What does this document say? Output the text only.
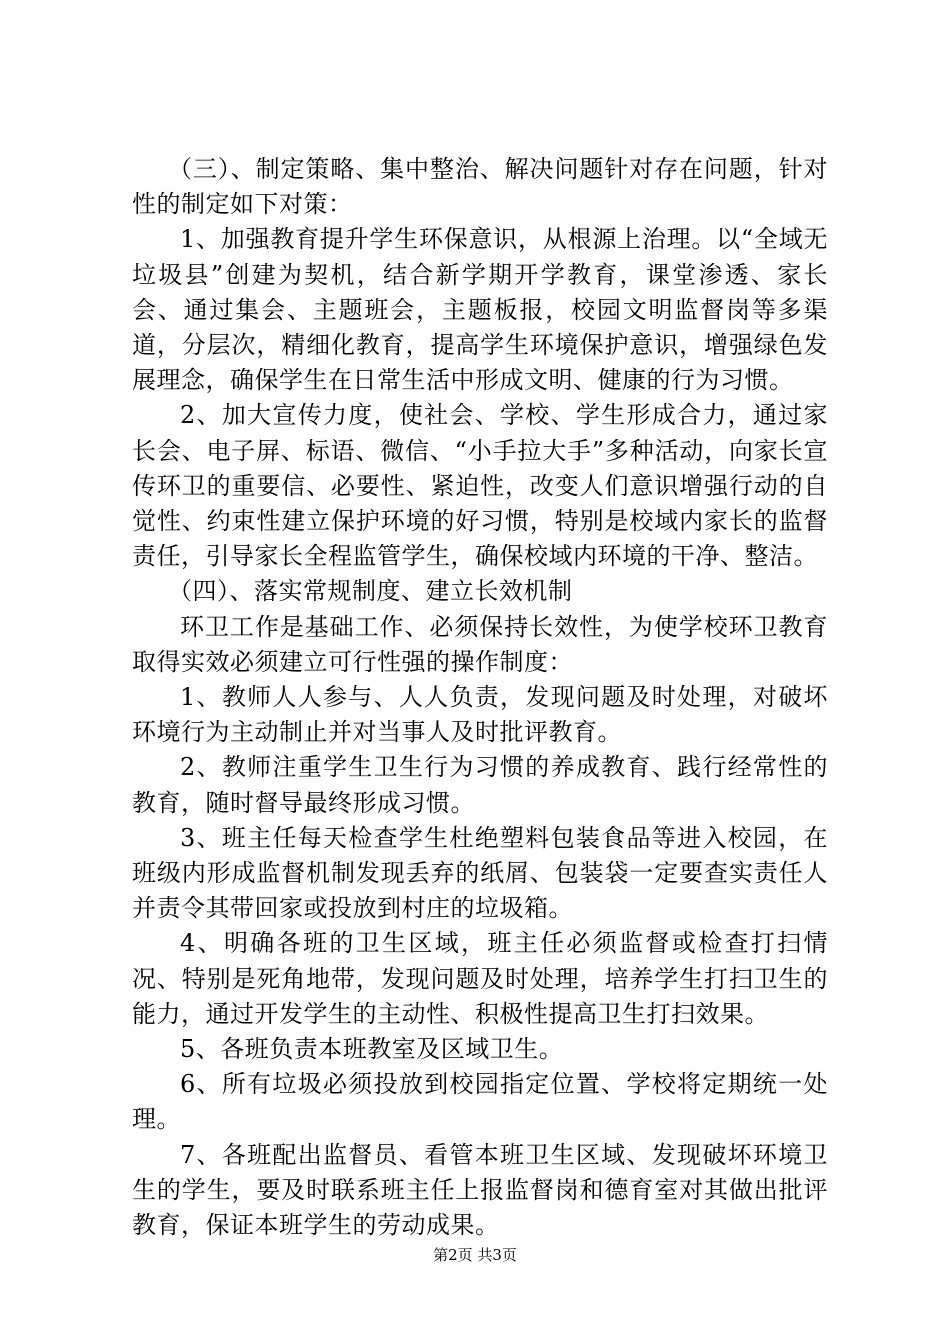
（三）、制定策略、集中整治、解决问题针对存在问题，针对性的制定如下对策：

1、加强教育提升学生环保意识，从根源上治理。以“全域无垃圾县”创建为契机，结合新学期开学教育，课堂渗透、家长会、通过集会、主题班会，主题板报，校园文明监督岗等多渠道，分层次，精细化教育，提高学生环境保护意识，增强绿色发展理念，确保学生在日常生活中形成文明、健康的行为习惯。

2、加大宣传力度，使社会、学校、学生形成合力，通过家长会、电子屏、标语、微信、“小手拉大手”多种活动，向家长宣传环卫的重要信、必要性、紧迫性，改变人们意识增强行动的自觉性、约束性建立保护环境的好习惯，特别是校域内家长的监督责任，引导家长全程监管学生，确保校域内环境的干净、整洁。

（四）、落实常规制度、建立长效机制

环卫工作是基础工作、必须保持长效性，为使学校环卫教育取得实效必须建立可行性强的操作制度：

1、教师人人参与、人人负责，发现问题及时处理，对破坏环境行为主动制止并对当事人及时批评教育。

2、教师注重学生卫生行为习惯的养成教育、践行经常性的教育，随时督导最终形成习惯。

3、班主任每天检查学生杜绝塑料包装食品等进入校园，在班级内形成监督机制发现丢弃的纸屑、包装袋一定要查实责任人并责令其带回家或投放到村庄的垃圾箱。

4、明确各班的卫生区域，班主任必须监督或检查打扫情况、特别是死角地带，发现问题及时处理，培养学生打扫卫生的能力，通过开发学生的主动性、积极性提高卫生打扫效果。

5、各班负责本班教室及区域卫生。

6、所有垃圾必须投放到校园指定位置、学校将定期统一处理。

7、各班配出监督员、看管本班卫生区域、发现破坏环境卫生的学生，要及时联系班主任上报监督岗和德育室对其做出批评教育，保证本班学生的劳动成果。

第2页 共3页
